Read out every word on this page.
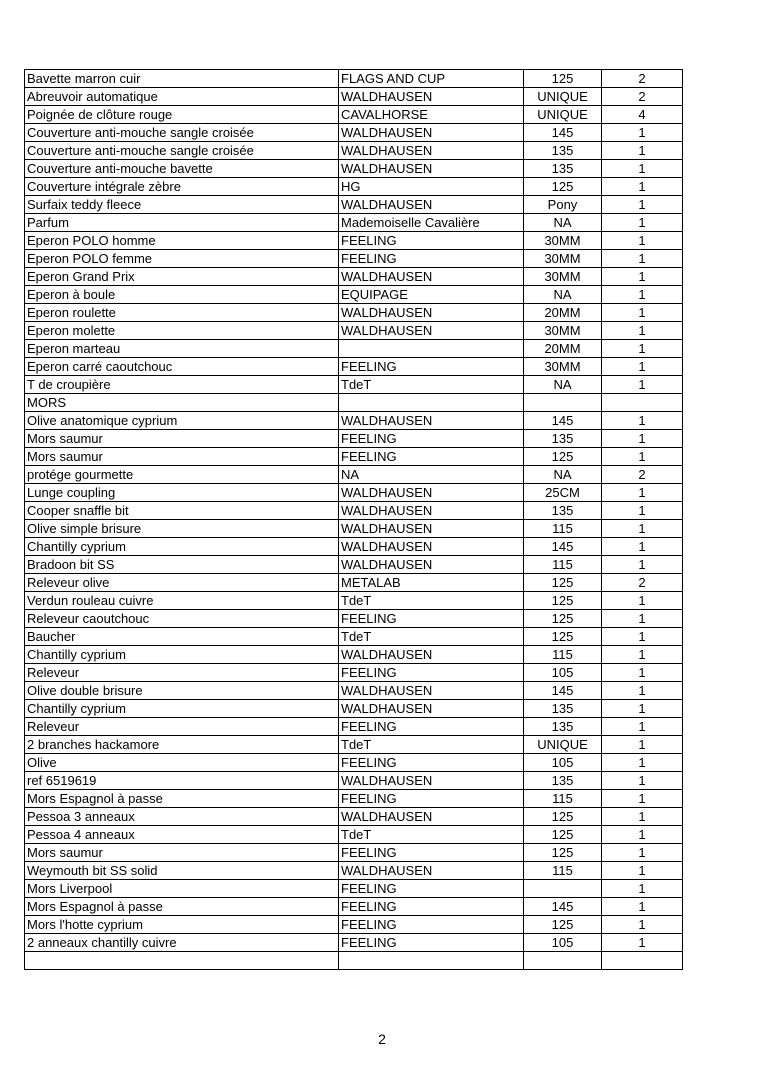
Bavette marron cuir	FLAGS AND CUP	125	2
Abreuvoir automatique	WALDHAUSEN	UNIQUE	2
Poignée de clôture rouge	CAVALHORSE	UNIQUE	4
Couverture anti-mouche sangle croisée	WALDHAUSEN	145	1
Couverture anti-mouche sangle croisée	WALDHAUSEN	135	1
Couverture anti-mouche bavette	WALDHAUSEN	135	1
Couverture intégrale zèbre	HG	125	1
Surfaix teddy fleece	WALDHAUSEN	Pony	1
Parfum	Mademoiselle Cavalière	NA	1
Eperon POLO homme	FEELING	30MM	1
Eperon POLO femme	FEELING	30MM	1
Eperon Grand Prix	WALDHAUSEN	30MM	1
Eperon à boule	EQUIPAGE	NA	1
Eperon roulette	WALDHAUSEN	20MM	1
Eperon molette	WALDHAUSEN	30MM	1
Eperon marteau		20MM	1
Eperon carré caoutchouc	FEELING	30MM	1
T de croupière	TdeT	NA	1
MORS			
Olive anatomique cyprium	WALDHAUSEN	145	1
Mors saumur	FEELING	135	1
Mors saumur	FEELING	125	1
protége gourmette	NA	NA	2
Lunge coupling	WALDHAUSEN	25CM	1
Cooper snaffle bit	WALDHAUSEN	135	1
Olive simple brisure	WALDHAUSEN	115	1
Chantilly cyprium	WALDHAUSEN	145	1
Bradoon bit SS	WALDHAUSEN	115	1
Releveur olive	METALAB	125	2
Verdun rouleau cuivre	TdeT	125	1
Releveur caoutchouc	FEELING	125	1
Baucher	TdeT	125	1
Chantilly cyprium	WALDHAUSEN	115	1
Releveur	FEELING	105	1
Olive double brisure	WALDHAUSEN	145	1
Chantilly cyprium	WALDHAUSEN	135	1
Releveur	FEELING	135	1
2 branches hackamore	TdeT	UNIQUE	1
Olive	FEELING	105	1
ref 6519619	WALDHAUSEN	135	1
Mors Espagnol à passe	FEELING	115	1
Pessoa 3 anneaux	WALDHAUSEN	125	1
Pessoa 4 anneaux	TdeT	125	1
Mors saumur	FEELING	125	1
Weymouth bit SS solid	WALDHAUSEN	115	1
Mors Liverpool	FEELING		1
Mors Espagnol à passe	FEELING	145	1
Mors l'hotte cyprium	FEELING	125	1
2 anneaux chantilly cuivre	FEELING	105	1

2
